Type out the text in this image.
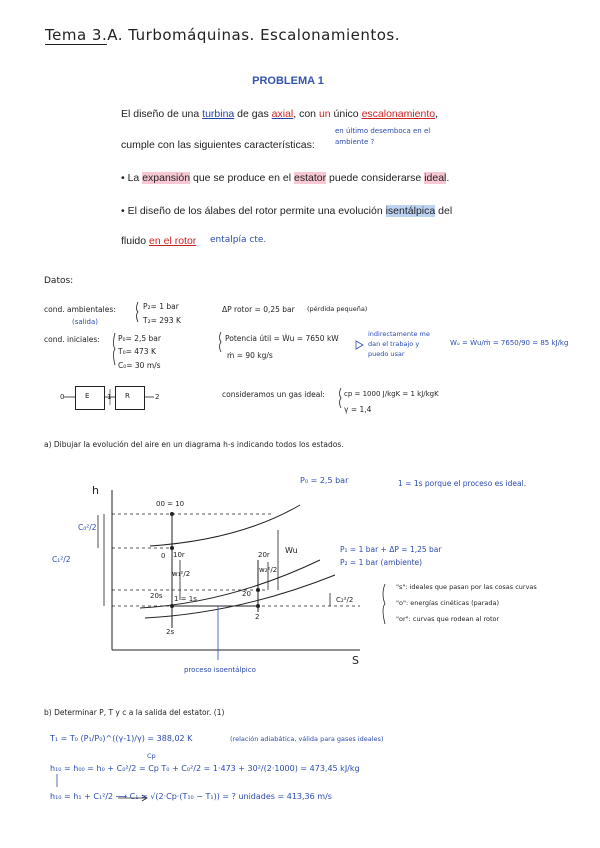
Tema 3.A. Turbomáquinas. Escalonamientos.
PROBLEMA 1
El diseño de una turbina de gas axial, con un único escalonamiento,
en último desemboca en el ambiente ?
cumple con las siguientes características:
• La expansión que se produce en el estator puede considerarse ideal.
• El diseño de los álabes del rotor permite una evolución isentálpica del
fluido en el rotor entalpía cte.
Datos:
cond. ambientales:
(salida)
P₂= 1 bar
T₂= 293 K
ΔP rotor = 0,25 bar (pérdida pequeña)
cond. iniciales: P₀= 2,5 bar
T₀= 473 K
C₀= 30 m/s
Potencia útil = Ẇu = 7650 kW
ṁ = 90 kg/s
indirectamente me dan el trabajo y puedo usar
Wᵤ = Ẇu/ṁ = 7650/90 = 85 kJ/kg
consideramos un gas ideal:	cp = 1000 J/kgK = 1 kJ/kgK
γ = 1,4
0	E	1 R	2
a) Dibujar la evolución del aire en un diagrama h-s indicando todos los estados.
h
S
P₀ = 2,5 bar	1 = 1s porque el proceso es ideal.
P₁ = 1 bar + ΔP = 1,25 bar
P₂ = 1 bar (ambiente)
00 = 10
0 10r	20r
20s 1 = 1s
20
2s
2
C₀²/2
C₁²/2
w₁²/2	w₂²/2
C₂²/2
Wu
proceso isoentálpico
"s": ideales que pasan por las cosas curvas
"o": energías cinéticas (parada)
"or": curvas que rodean al rotor
b) Determinar P, T y c a la salida del estator. (1)
T₁ = T₀ (P₁/P₀)^((γ-1)/γ) = 388,02 K	(relación adiabática, válida para gases ideales)
Cp
h₁₀ = h₀₀ = h₀ + C₀²/2 = Cp T₀ + C₀²/2 = 1·473 + 30²/(2·1000) = 473,45 kJ/kg
h₁₀ = h₁ + C₁²/2 ⟶ C₁ = √(2·Cp·(T₁₀ − T₁)) = ? unidades = 413,36 m/s
